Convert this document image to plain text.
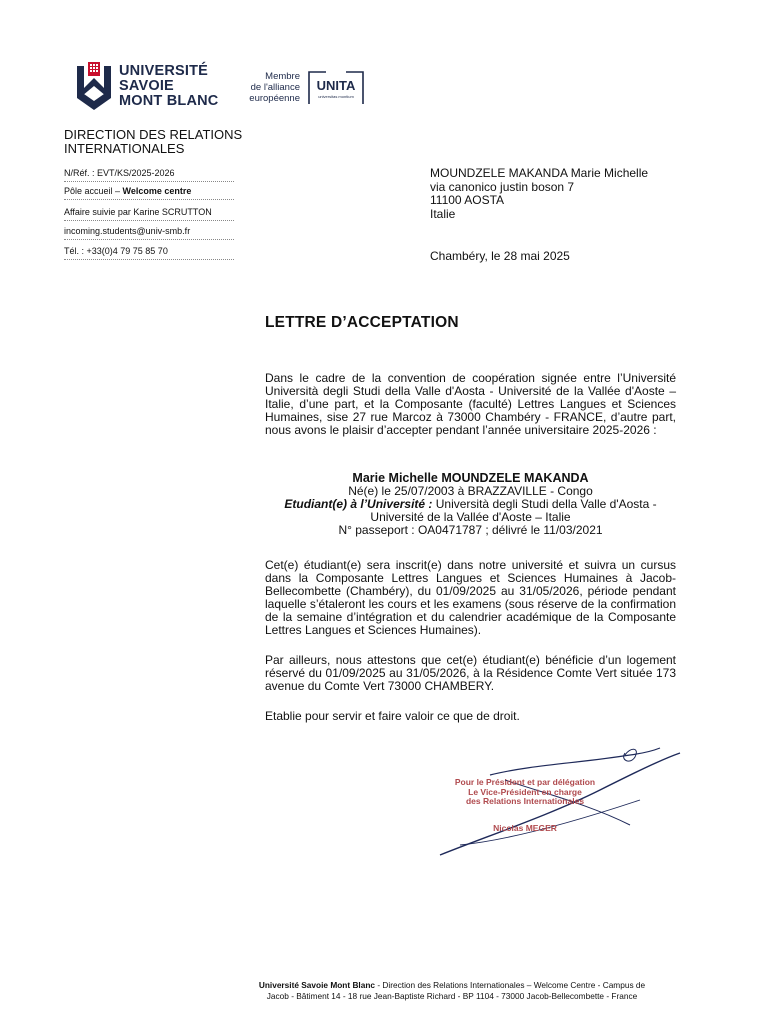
UNIVERSITÉ
SAVOIE
MONT BLANC
Membre
de l'alliance
européenne
UNITA
universitas montium
DIRECTION DES RELATIONS
INTERNATIONALES
N/Réf. : EVT/KS/2025-2026
Pôle accueil – Welcome centre
Affaire suivie par Karine SCRUTTON
incoming.students@univ-smb.fr
Tél. : +33(0)4 79 75 85 70
MOUNDZELE MAKANDA Marie Michelle
via canonico justin boson 7
11100 AOSTA
Italie
Chambéry, le 28 mai 2025
LETTRE D’ACCEPTATION
Dans le cadre de la convention de coopération signée entre l’Université Università degli Studi della Valle d'Aosta - Université de la Vallée d'Aoste – Italie, d’une part, et la Composante (faculté) Lettres Langues et Sciences Humaines, sise 27 rue Marcoz à 73000 Chambéry - FRANCE, d’autre part, nous avons le plaisir d’accepter pendant l’année universitaire 2025-2026 :
Marie Michelle MOUNDZELE MAKANDA
Né(e) le 25/07/2003 à BRAZZAVILLE - Congo
Etudiant(e) à l’Université : Università degli Studi della Valle d'Aosta -
Université de la Vallée d'Aoste – Italie
N° passeport : OA0471787 ; délivré le 11/03/2021
Cet(e) étudiant(e) sera inscrit(e) dans notre université et suivra un cursus dans la Composante Lettres Langues et Sciences Humaines à Jacob-Bellecombette (Chambéry), du 01/09/2025 au 31/05/2026, période pendant laquelle s’étaleront les cours et les examens (sous réserve de la confirmation de la semaine d’intégration et du calendrier académique de la Composante Lettres Langues et Sciences Humaines).
Par ailleurs, nous attestons que cet(e) étudiant(e) bénéficie d’un logement réservé du 01/09/2025 au 31/05/2026, à la Résidence Comte Vert située 173 avenue du Comte Vert 73000 CHAMBERY.
Etablie pour servir et faire valoir ce que de droit.
Pour le Président et par délégation
Le Vice-Président en charge
des Relations Internationales
Nicolas MEGER
Université Savoie Mont Blanc - Direction des Relations Internationales – Welcome Centre - Campus de
Jacob - Bâtiment 14 - 18 rue Jean-Baptiste Richard - BP 1104 - 73000 Jacob-Bellecombette - France
